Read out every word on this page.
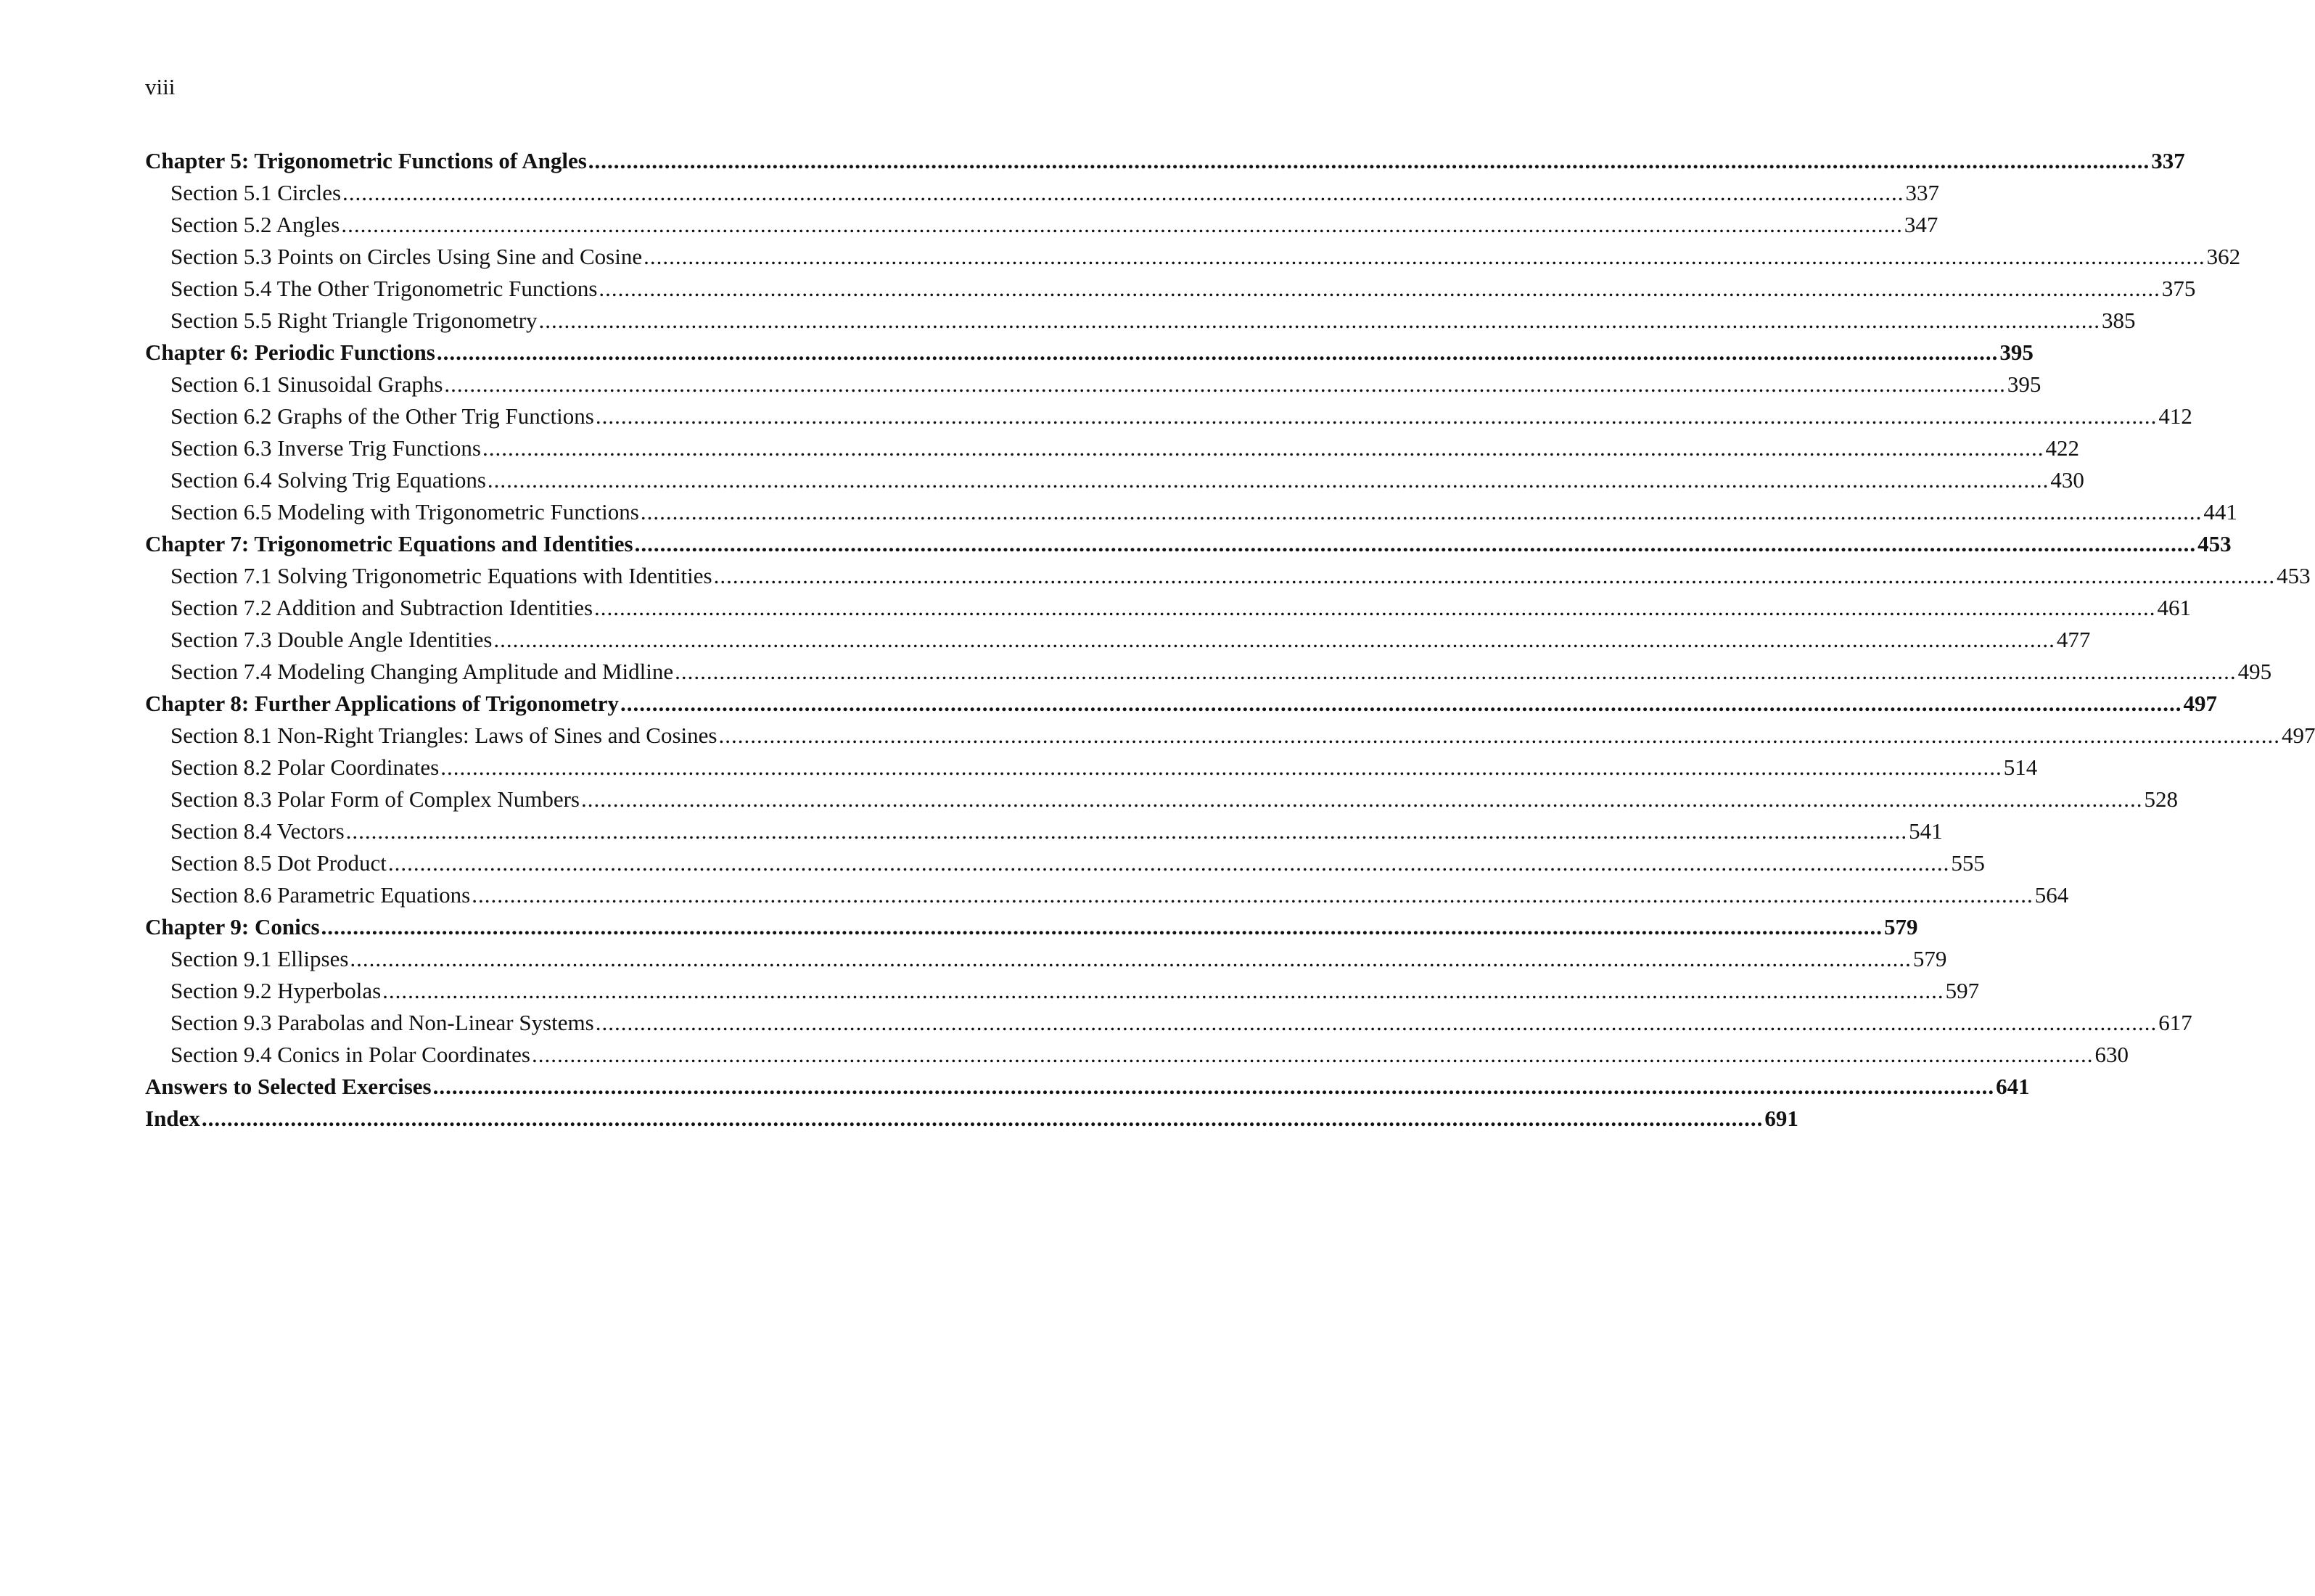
viii
Chapter 5: Trigonometric Functions of Angles ...................................................................................................................................................................................................................................................... 337
Section 5.1 Circles ...................................................................................................................................................................................................................................................... 337
Section 5.2 Angles ...................................................................................................................................................................................................................................................... 347
Section 5.3 Points on Circles Using Sine and Cosine ...................................................................................................................................................................................................................................................... 362
Section 5.4 The Other Trigonometric Functions ...................................................................................................................................................................................................................................................... 375
Section 5.5 Right Triangle Trigonometry ...................................................................................................................................................................................................................................................... 385
Chapter 6: Periodic Functions ...................................................................................................................................................................................................................................................... 395
Section 6.1 Sinusoidal Graphs ...................................................................................................................................................................................................................................................... 395
Section 6.2 Graphs of the Other Trig Functions ...................................................................................................................................................................................................................................................... 412
Section 6.3 Inverse Trig Functions ...................................................................................................................................................................................................................................................... 422
Section 6.4 Solving Trig Equations ...................................................................................................................................................................................................................................................... 430
Section 6.5 Modeling with Trigonometric Functions ...................................................................................................................................................................................................................................................... 441
Chapter 7: Trigonometric Equations and Identities ...................................................................................................................................................................................................................................................... 453
Section 7.1 Solving Trigonometric Equations with Identities ...................................................................................................................................................................................................................................................... 453
Section 7.2 Addition and Subtraction Identities ...................................................................................................................................................................................................................................................... 461
Section 7.3 Double Angle Identities ...................................................................................................................................................................................................................................................... 477
Section 7.4 Modeling Changing Amplitude and Midline ...................................................................................................................................................................................................................................................... 495
Chapter 8: Further Applications of Trigonometry ...................................................................................................................................................................................................................................................... 497
Section 8.1 Non-Right Triangles: Laws of Sines and Cosines ...................................................................................................................................................................................................................................................... 497
Section 8.2 Polar Coordinates ...................................................................................................................................................................................................................................................... 514
Section 8.3 Polar Form of Complex Numbers ...................................................................................................................................................................................................................................................... 528
Section 8.4 Vectors ...................................................................................................................................................................................................................................................... 541
Section 8.5 Dot Product ...................................................................................................................................................................................................................................................... 555
Section 8.6 Parametric Equations ...................................................................................................................................................................................................................................................... 564
Chapter 9: Conics ...................................................................................................................................................................................................................................................... 579
Section 9.1 Ellipses ...................................................................................................................................................................................................................................................... 579
Section 9.2 Hyperbolas ...................................................................................................................................................................................................................................................... 597
Section 9.3 Parabolas and Non-Linear Systems ...................................................................................................................................................................................................................................................... 617
Section 9.4 Conics in Polar Coordinates ...................................................................................................................................................................................................................................................... 630
Answers to Selected Exercises ...................................................................................................................................................................................................................................................... 641
Index ...................................................................................................................................................................................................................................................... 691
